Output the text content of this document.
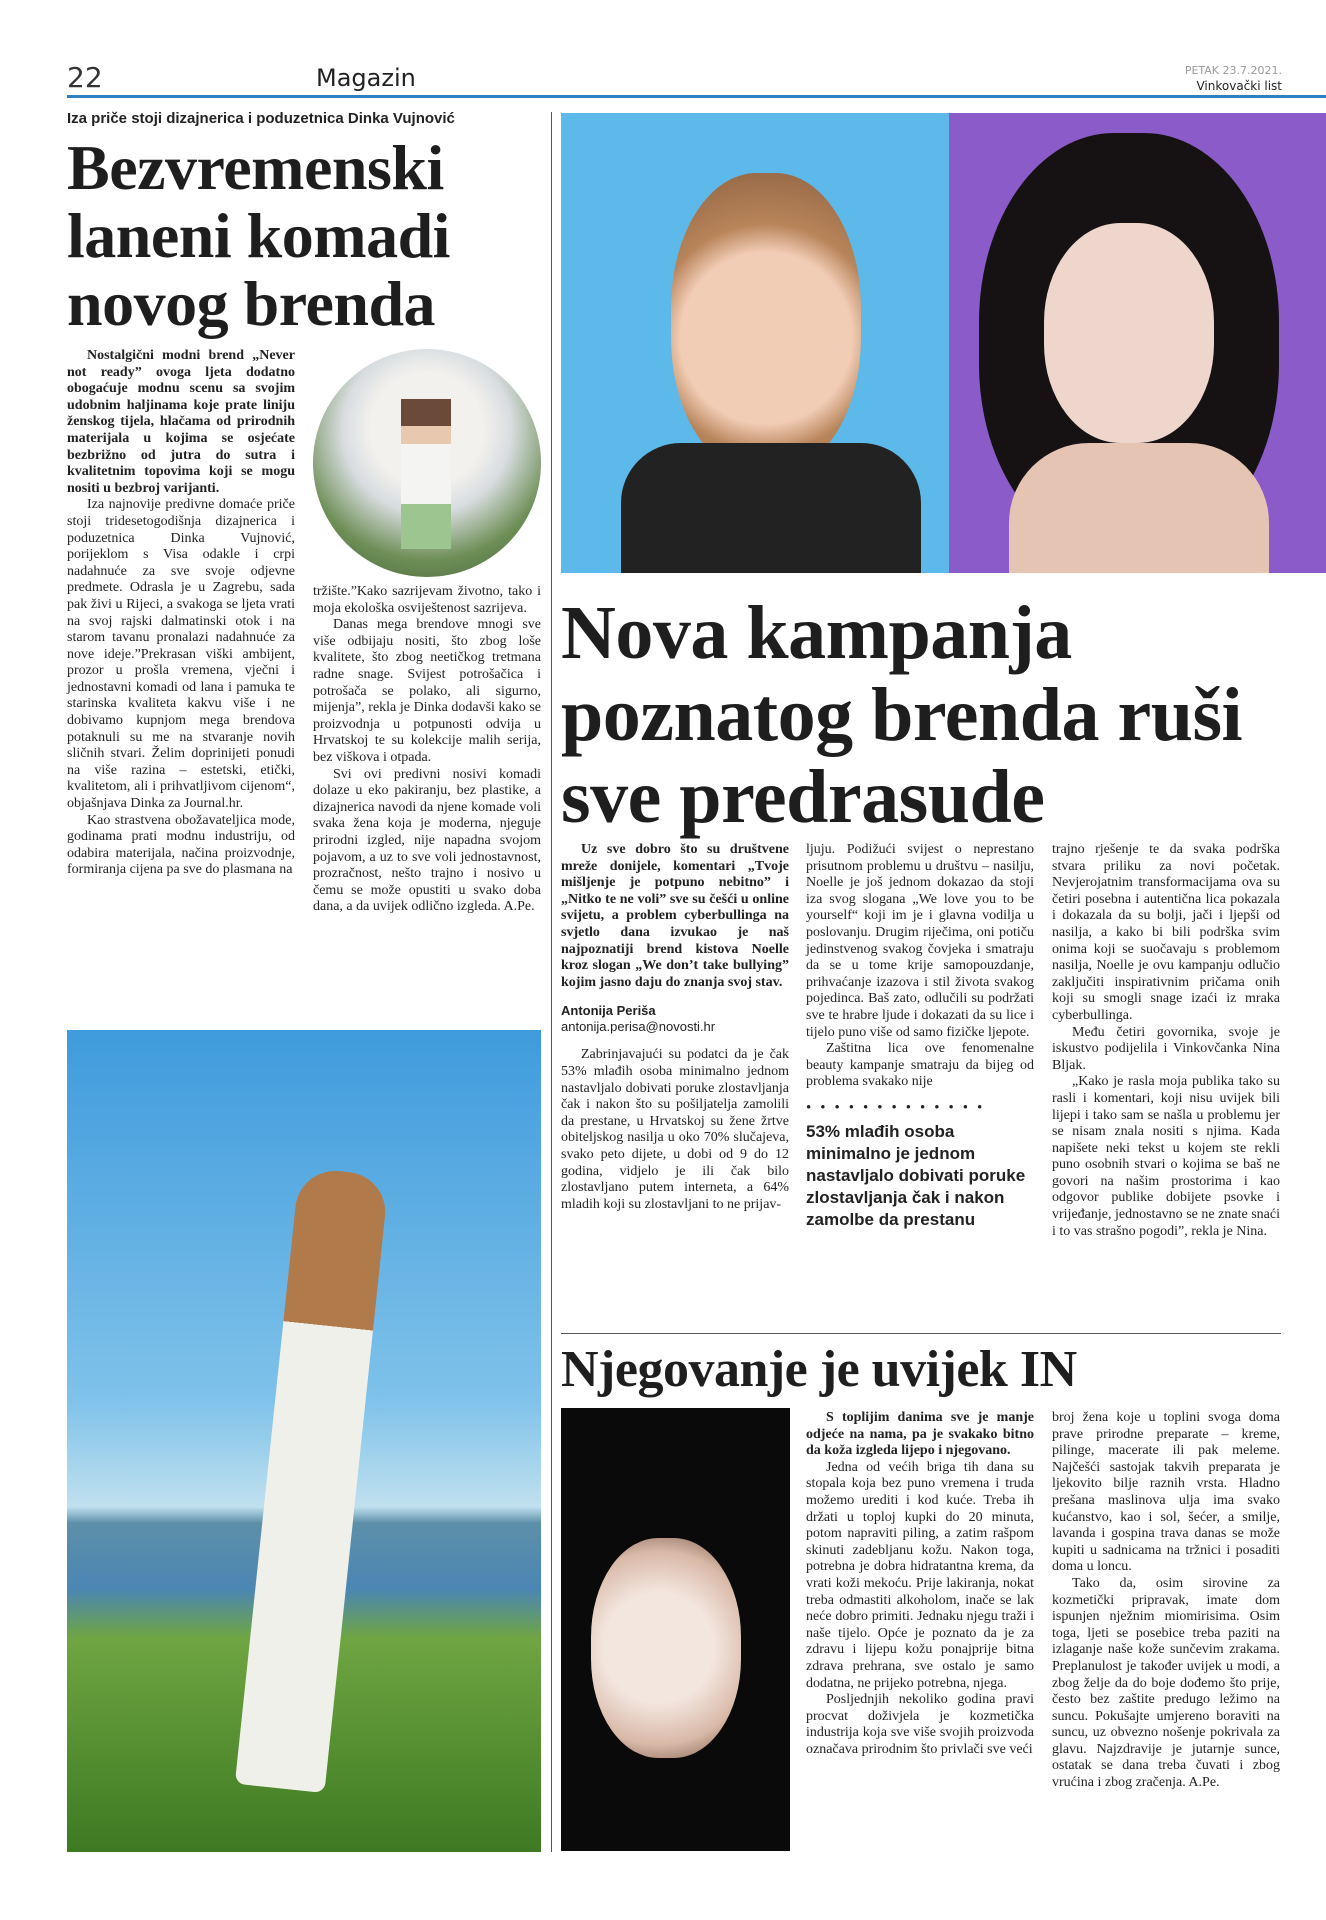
22	Magazin	PETAK 23.7.2021.
Vinkovački list
Iza priče stoji dizajnerica i poduzetnica Dinka Vujnović
Bezvremenski laneni komadi novog brenda

Nostalgični modni brend „Never not ready” ovoga ljeta dodatno obogaćuje modnu scenu sa svojim udobnim haljinama koje prate liniju ženskog tijela, hlačama od prirodnih materijala u kojima se osjećate bezbrižno od jutra do sutra i kvalitetnim topovima koji se mogu nositi u bezbroj varijanti.

Iza najnovije predivne domaće priče stoji tridesetogodišnja dizajnerica i poduzetnica Dinka Vujnović, porijeklom s Visa odakle i crpi nadahnuće za sve svoje odjevne predmete. Odrasla je u Zagrebu, sada pak živi u Rijeci, a svakoga se ljeta vrati na svoj rajski dalmatinski otok i na starom tavanu pronalazi nadahnuće za nove ideje.”Prekrasan viški ambijent, prozor u prošla vremena, vječni i jednostavni komadi od lana i pamuka te starinska kvaliteta kakvu više i ne dobivamo kupnjom mega brendova potaknuli su me na stvaranje novih sličnih stvari. Želim doprinijeti ponudi na više razina – estetski, etički, kvalitetom, ali i prihvatljivom cijenom“, objašnjava Dinka za Journal.hr.

Kao strastvena obožavateljica mode, godinama prati modnu industriju, od odabira materijala, načina proizvodnje, formiranja cijena pa sve do plasmana na

tržište.”Kako sazrijevam životno, tako i moja ekološka osviještenost sazrijeva.

Danas mega brendove mnogi sve više odbijaju nositi, što zbog loše kvalitete, što zbog neetičkog tretmana radne snage. Svijest potrošačica i potrošača se polako, ali sigurno, mijenja”, rekla je Dinka dodavši kako se proizvodnja u potpunosti odvija u Hrvatskoj te su kolekcije malih serija, bez viškova i otpada.

Svi ovi predivni nosivi komadi dolaze u eko pakiranju, bez plastike, a dizajnerica navodi da njene komade voli svaka žena koja je moderna, njeguje prirodni izgled, nije napadna svojom pojavom, a uz to sve voli jednostavnost, prozračnost, nešto trajno i nosivo u čemu se može opustiti u svako doba dana, a da uvijek odlično izgleda. A.Pe.

Nova kampanja poznatog brenda ruši sve predrasude

Uz sve dobro što su društvene mreže donijele, komentari „Tvoje mišljenje je potpuno nebitno” i „Nitko te ne voli” sve su češći u online svijetu, a problem cyberbullinga na svjetlo dana izvukao je naš najpoznatiji brend kistova Noelle kroz slogan „We don’t take bullying” kojim jasno daju do znanja svoj stav.

Antonija Periša

antonija.perisa@novosti.hr

Zabrinjavajući su podatci da je čak 53% mlađih osoba minimalno jednom nastavljalo dobivati poruke zlostavljanja čak i nakon što su pošiljatelja zamolili da prestane, u Hrvatskoj su žene žrtve obiteljskog nasilja u oko 70% slučajeva, svako peto dijete, u dobi od 9 do 12 godina, vidjelo je ili čak bilo zlostavljano putem interneta, a 64% mladih koji su zlostavljani to ne prijav-

ljuju. Podižući svijest o neprestano prisutnom problemu u društvu – nasilju, Noelle je još jednom dokazao da stoji iza svog slogana „We love you to be yourself“ koji im je i glavna vodilja u poslovanju. Drugim riječima, oni potiču jedinstvenog svakog čovjeka i smatraju da se u tome krije samopouzdanje, prihvaćanje izazova i stil života svakog pojedinca. Baš zato, odlučili su podržati sve te hrabre ljude i dokazati da su lice i tijelo puno više od samo fizičke ljepote.

Zaštitna lica ove fenomenalne beauty kampanje smatraju da bijeg od problema svakako nije

•••••••••••••

53% mlađih osoba minimalno je jednom nastavljalo dobivati poruke zlostavljanja čak i nakon zamolbe da prestanu

trajno rješenje te da svaka podrška stvara priliku za novi početak. Nevjerojatnim transformacijama ova su četiri posebna i autentična lica pokazala i dokazala da su bolji, jači i ljepši od nasilja, a kako bi bili podrška svim onima koji se suočavaju s problemom nasilja, Noelle je ovu kampanju odlučio zaključiti inspirativnim pričama onih koji su smogli snage izaći iz mraka cyberbullinga.

Među četiri govornika, svoje je iskustvo podijelila i Vinkovčanka Nina Bljak.

„Kako je rasla moja publika tako su rasli i komentari, koji nisu uvijek bili lijepi i tako sam se našla u problemu jer se nisam znala nositi s njima. Kada napišete neki tekst u kojem ste rekli puno osobnih stvari o kojima se baš ne govori na našim prostorima i kao odgovor publike dobijete psovke i vrijeđanje, jednostavno se ne znate snaći i to vas strašno pogodi”, rekla je Nina.

Njegovanje je uvijek IN

S toplijim danima sve je manje odjeće na nama, pa je svakako bitno da koža izgleda lijepo i njegovano.

Jedna od većih briga tih dana su stopala koja bez puno vremena i truda možemo urediti i kod kuće. Treba ih držati u toploj kupki do 20 minuta, potom napraviti piling, a zatim rašpom skinuti zadebljanu kožu. Nakon toga, potrebna je dobra hidratantna krema, da vrati koži mekoću. Prije lakiranja, nokat treba odmastiti alkoholom, inače se lak neće dobro primiti. Jednaku njegu traži i naše tijelo. Opće je poznato da je za zdravu i lijepu kožu ponajprije bitna zdrava prehrana, sve ostalo je samo dodatna, ne prijeko potrebna, njega.

Posljednjih nekoliko godina pravi procvat doživjela je kozmetička industrija koja sve više svojih proizvoda označava prirodnim što privlači sve veći

broj žena koje u toplini svoga doma prave prirodne preparate – kreme, pilinge, macerate ili pak meleme. Najčešći sastojak takvih preparata je ljekovito bilje raznih vrsta. Hladno prešana maslinova ulja ima svako kućanstvo, kao i sol, šećer, a smilje, lavanda i gospina trava danas se može kupiti u sadnicama na tržnici i posaditi doma u loncu.

Tako da, osim sirovine za kozmetički pripravak, imate dom ispunjen nježnim miomirisima. Osim toga, ljeti se posebice treba paziti na izlaganje naše kože sunčevim zrakama. Preplanulost je također uvijek u modi, a zbog želje da do boje dođemo što prije, često bez zaštite predugo ležimo na suncu. Pokušajte umjereno boraviti na suncu, uz obvezno nošenje pokrivala za glavu. Najzdravije je jutarnje sunce, ostatak se dana treba čuvati i zbog vrućina i zbog zračenja. A.Pe.
